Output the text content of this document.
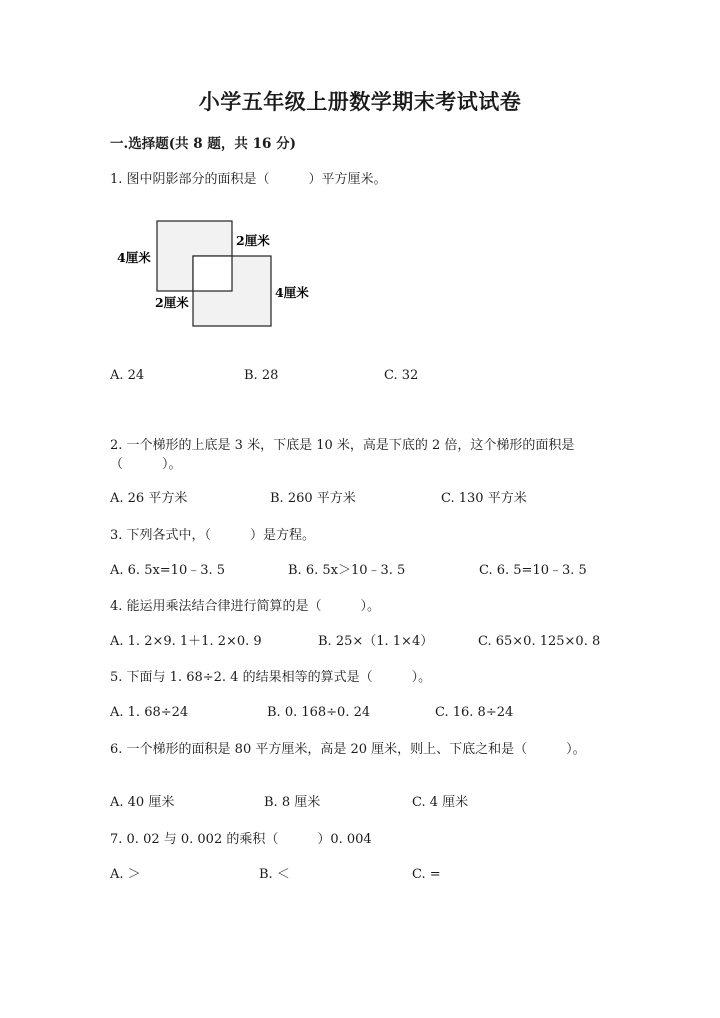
小学五年级上册数学期末考试试卷
一.选择题(共 8 题，共 16 分)
1. 图中阴影部分的面积是（　　　）平方厘米。
4厘米
2厘米
2厘米
4厘米
A. 24	B. 28	C. 32
2. 一个梯形的上底是 3 米，下底是 10 米，高是下底的 2 倍，这个梯形的面积是（　　　）。
A. 26 平方米	B. 260 平方米	C. 130 平方米
3. 下列各式中，（　　　）是方程。
A. 6. 5x=10﹣3. 5	B. 6. 5x＞10﹣3. 5	C. 6. 5=10﹣3. 5
4. 能运用乘法结合律进行简算的是（　　　）。
A. 1. 2×9. 1＋1. 2×0. 9	B. 25×（1. 1×4）	C. 65×0. 125×0. 8
5. 下面与 1. 68÷2. 4 的结果相等的算式是（　　　）。
A. 1. 68÷24	B. 0. 168÷0. 24	C. 16. 8÷24
6. 一个梯形的面积是 80 平方厘米，高是 20 厘米，则上、下底之和是（　　　）。
A. 40 厘米	B. 8 厘米	C. 4 厘米
7. 0. 02 与 0. 002 的乘积（　　　）0. 004
A. ＞	B. ＜	C. =
